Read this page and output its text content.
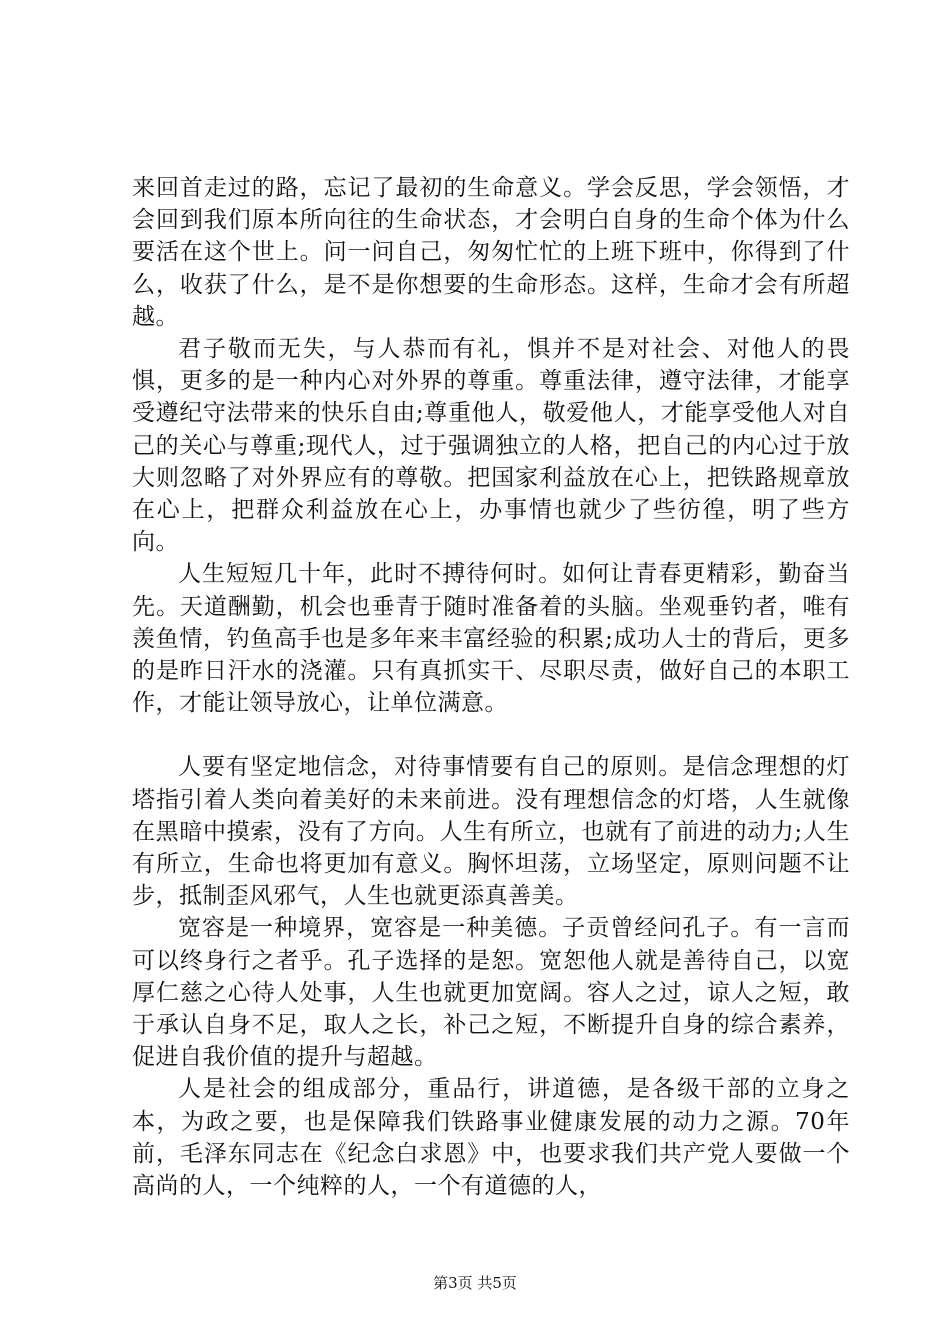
来回首走过的路，忘记了最初的生命意义。学会反思，学会领悟，才会回到我们原本所向往的生命状态，才会明白自身的生命个体为什么要活在这个世上。问一问自己，匆匆忙忙的上班下班中，你得到了什么，收获了什么，是不是你想要的生命形态。这样，生命才会有所超越。

君子敬而无失，与人恭而有礼，惧并不是对社会、对他人的畏惧，更多的是一种内心对外界的尊重。尊重法律，遵守法律，才能享受遵纪守法带来的快乐自由;尊重他人，敬爱他人，才能享受他人对自己的关心与尊重;现代人，过于强调独立的人格，把自己的内心过于放大则忽略了对外界应有的尊敬。把国家利益放在心上，把铁路规章放在心上，把群众利益放在心上，办事情也就少了些彷徨，明了些方向。

人生短短几十年，此时不搏待何时。如何让青春更精彩，勤奋当先。天道酬勤，机会也垂青于随时准备着的头脑。坐观垂钓者，唯有羡鱼情，钓鱼高手也是多年来丰富经验的积累;成功人士的背后，更多的是昨日汗水的浇灌。只有真抓实干、尽职尽责，做好自己的本职工作，才能让领导放心，让单位满意。

人要有坚定地信念，对待事情要有自己的原则。是信念理想的灯塔指引着人类向着美好的未来前进。没有理想信念的灯塔，人生就像在黑暗中摸索，没有了方向。人生有所立，也就有了前进的动力;人生有所立，生命也将更加有意义。胸怀坦荡，立场坚定，原则问题不让步，抵制歪风邪气，人生也就更添真善美。

宽容是一种境界，宽容是一种美德。子贡曾经问孔子。有一言而可以终身行之者乎。孔子选择的是恕。宽恕他人就是善待自己，以宽厚仁慈之心待人处事，人生也就更加宽阔。容人之过，谅人之短，敢于承认自身不足，取人之长，补己之短，不断提升自身的综合素养，促进自我价值的提升与超越。

人是社会的组成部分，重品行，讲道德，是各级干部的立身之本，为政之要，也是保障我们铁路事业健康发展的动力之源。70年前，毛泽东同志在《纪念白求恩》中，也要求我们共产党人要做一个高尚的人，一个纯粹的人，一个有道德的人，

第3页 共5页
